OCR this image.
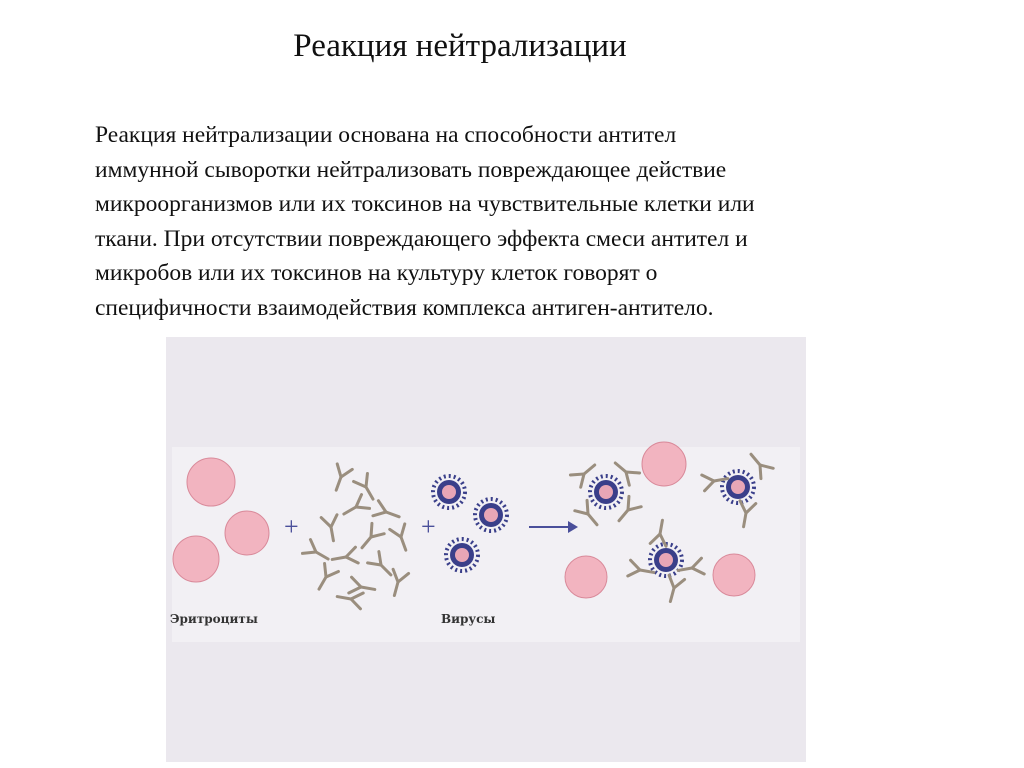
Реакция нейтрализации

Реакция нейтрализации основана на способности антител
иммунной сыворотки нейтрализовать повреждающее действие
микроорганизмов или их токсинов на чувствительные клетки или
ткани. При отсутствии повреждающего эффекта смеси антител и
микробов или их токсинов на культуру клеток говорят о
специфичности взаимодействия комплекса антиген-антитело.

+	+
Эритроциты	Вирусы
